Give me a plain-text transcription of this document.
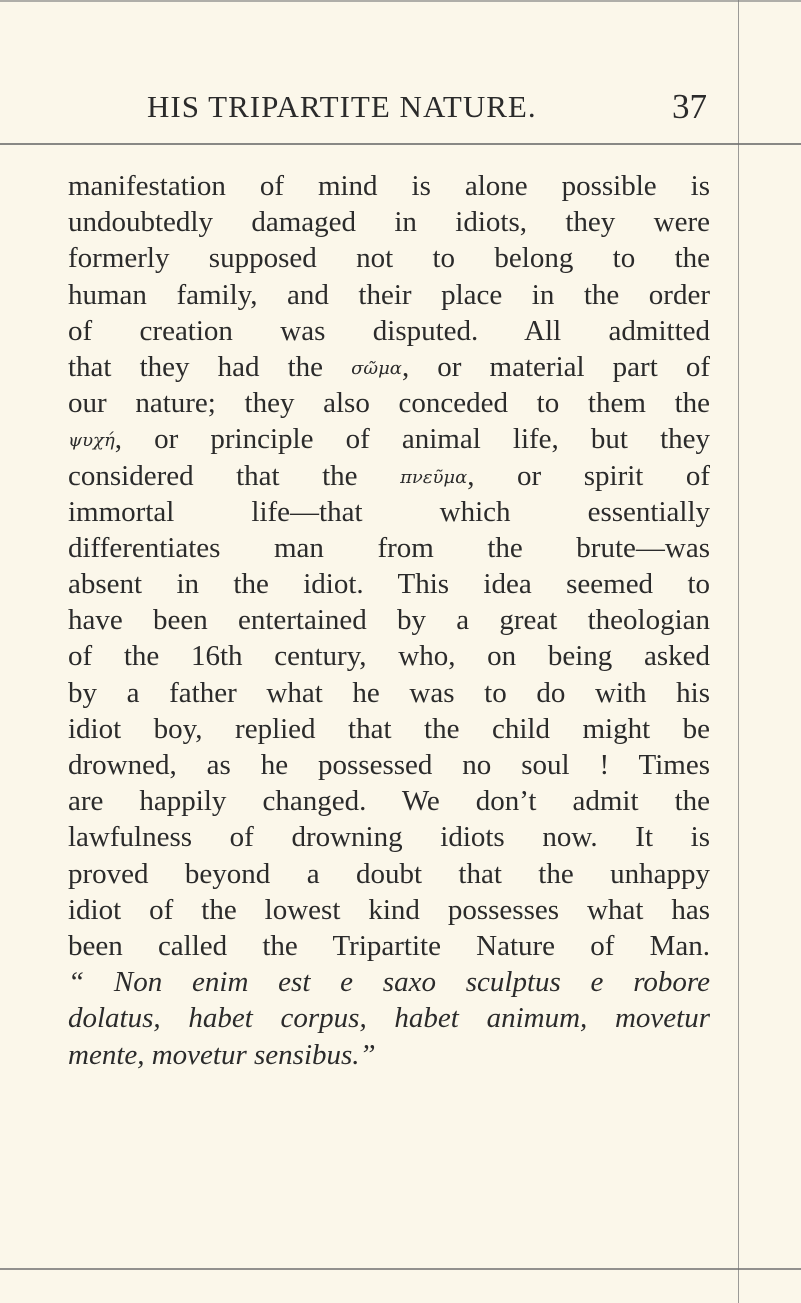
HIS TRIPARTITE NATURE.	37
manifestation of mind is alone possible is
undoubtedly damaged in idiots, they were
formerly supposed not to belong to the
human family, and their place in the order
of creation was disputed. All admitted
that they had the σῶμα, or material part of
our nature; they also conceded to them the
ψυχή, or principle of animal life, but they
considered that the πνεῦμα, or spirit of
immortal life—that which essentially
differentiates man from the brute—was
absent in the idiot. This idea seemed to
have been entertained by a great theologian
of the 16th century, who, on being asked
by a father what he was to do with his
idiot boy, replied that the child might be
drowned, as he possessed no soul ! Times
are happily changed. We don’t admit the
lawfulness of drowning idiots now. It is
proved beyond a doubt that the unhappy
idiot of the lowest kind possesses what has
been called the Tripartite Nature of Man.
“ Non enim est e saxo sculptus e robore
dolatus, habet corpus, habet animum, movetur
mente, movetur sensibus.”
